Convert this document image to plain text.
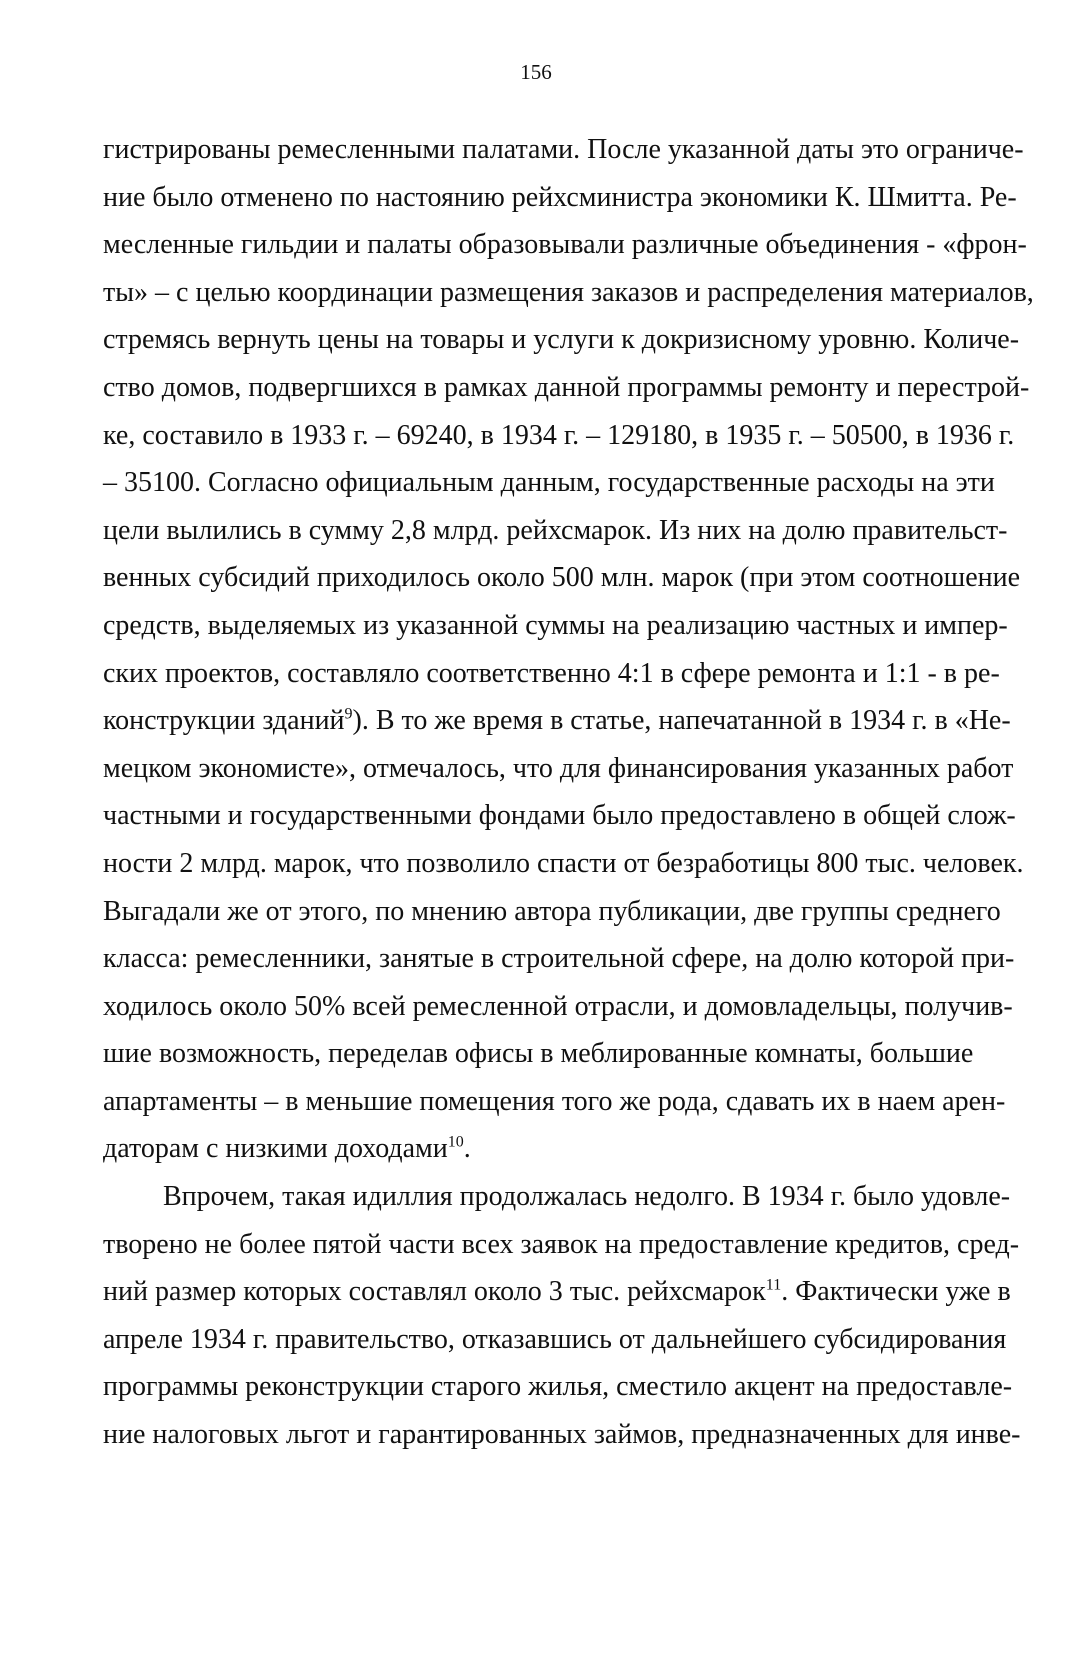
156
гистрированы ремесленными палатами. После указанной даты это ограниче-
ние было отменено по настоянию рейхсминистра экономики К. Шмитта. Ре-
месленные гильдии и палаты образовывали различные объединения - «фрон-
ты» – с целью координации размещения заказов и распределения материалов,
стремясь вернуть цены на товары и услуги к докризисному уровню. Количе-
ство домов, подвергшихся в рамках данной программы ремонту и перестрой-
ке, составило в 1933 г. – 69240, в 1934 г. – 129180, в 1935 г. – 50500, в 1936 г.
– 35100. Согласно официальным данным, государственные расходы на эти
цели вылились в сумму 2,8 млрд. рейхсмарок. Из них на долю правительст-
венных субсидий приходилось около 500 млн. марок (при этом соотношение
средств, выделяемых из указанной суммы на реализацию частных и импер-
ских проектов, составляло соответственно 4:1 в сфере ремонта и 1:1 - в ре-
конструкции зданий$^9$). В то же время в статье, напечатанной в 1934 г. в «Не-
мецком экономисте», отмечалось, что для финансирования указанных работ
частными и государственными фондами было предоставлено в общей слож-
ности 2 млрд. марок, что позволило спасти от безработицы 800 тыс. человек.
Выгадали же от этого, по мнению автора публикации, две группы среднего
класса: ремесленники, занятые в строительной сфере, на долю которой при-
ходилось около 50% всей ремесленной отрасли, и домовладельцы, получив-
шие возможность, переделав офисы в меблированные комнаты, большие
апартаменты – в меньшие помещения того же рода, сдавать их в наем арен-
даторам с низкими доходами$^{10}$.
Впрочем, такая идиллия продолжалась недолго. В 1934 г. было удовле-
творено не более пятой части всех заявок на предоставление кредитов, сред-
ний размер которых составлял около 3 тыс. рейхсмарок$^{11}$. Фактически уже в
апреле 1934 г. правительство, отказавшись от дальнейшего субсидирования
программы реконструкции старого жилья, сместило акцент на предоставле-
ние налоговых льгот и гарантированных займов, предназначенных для инве-
